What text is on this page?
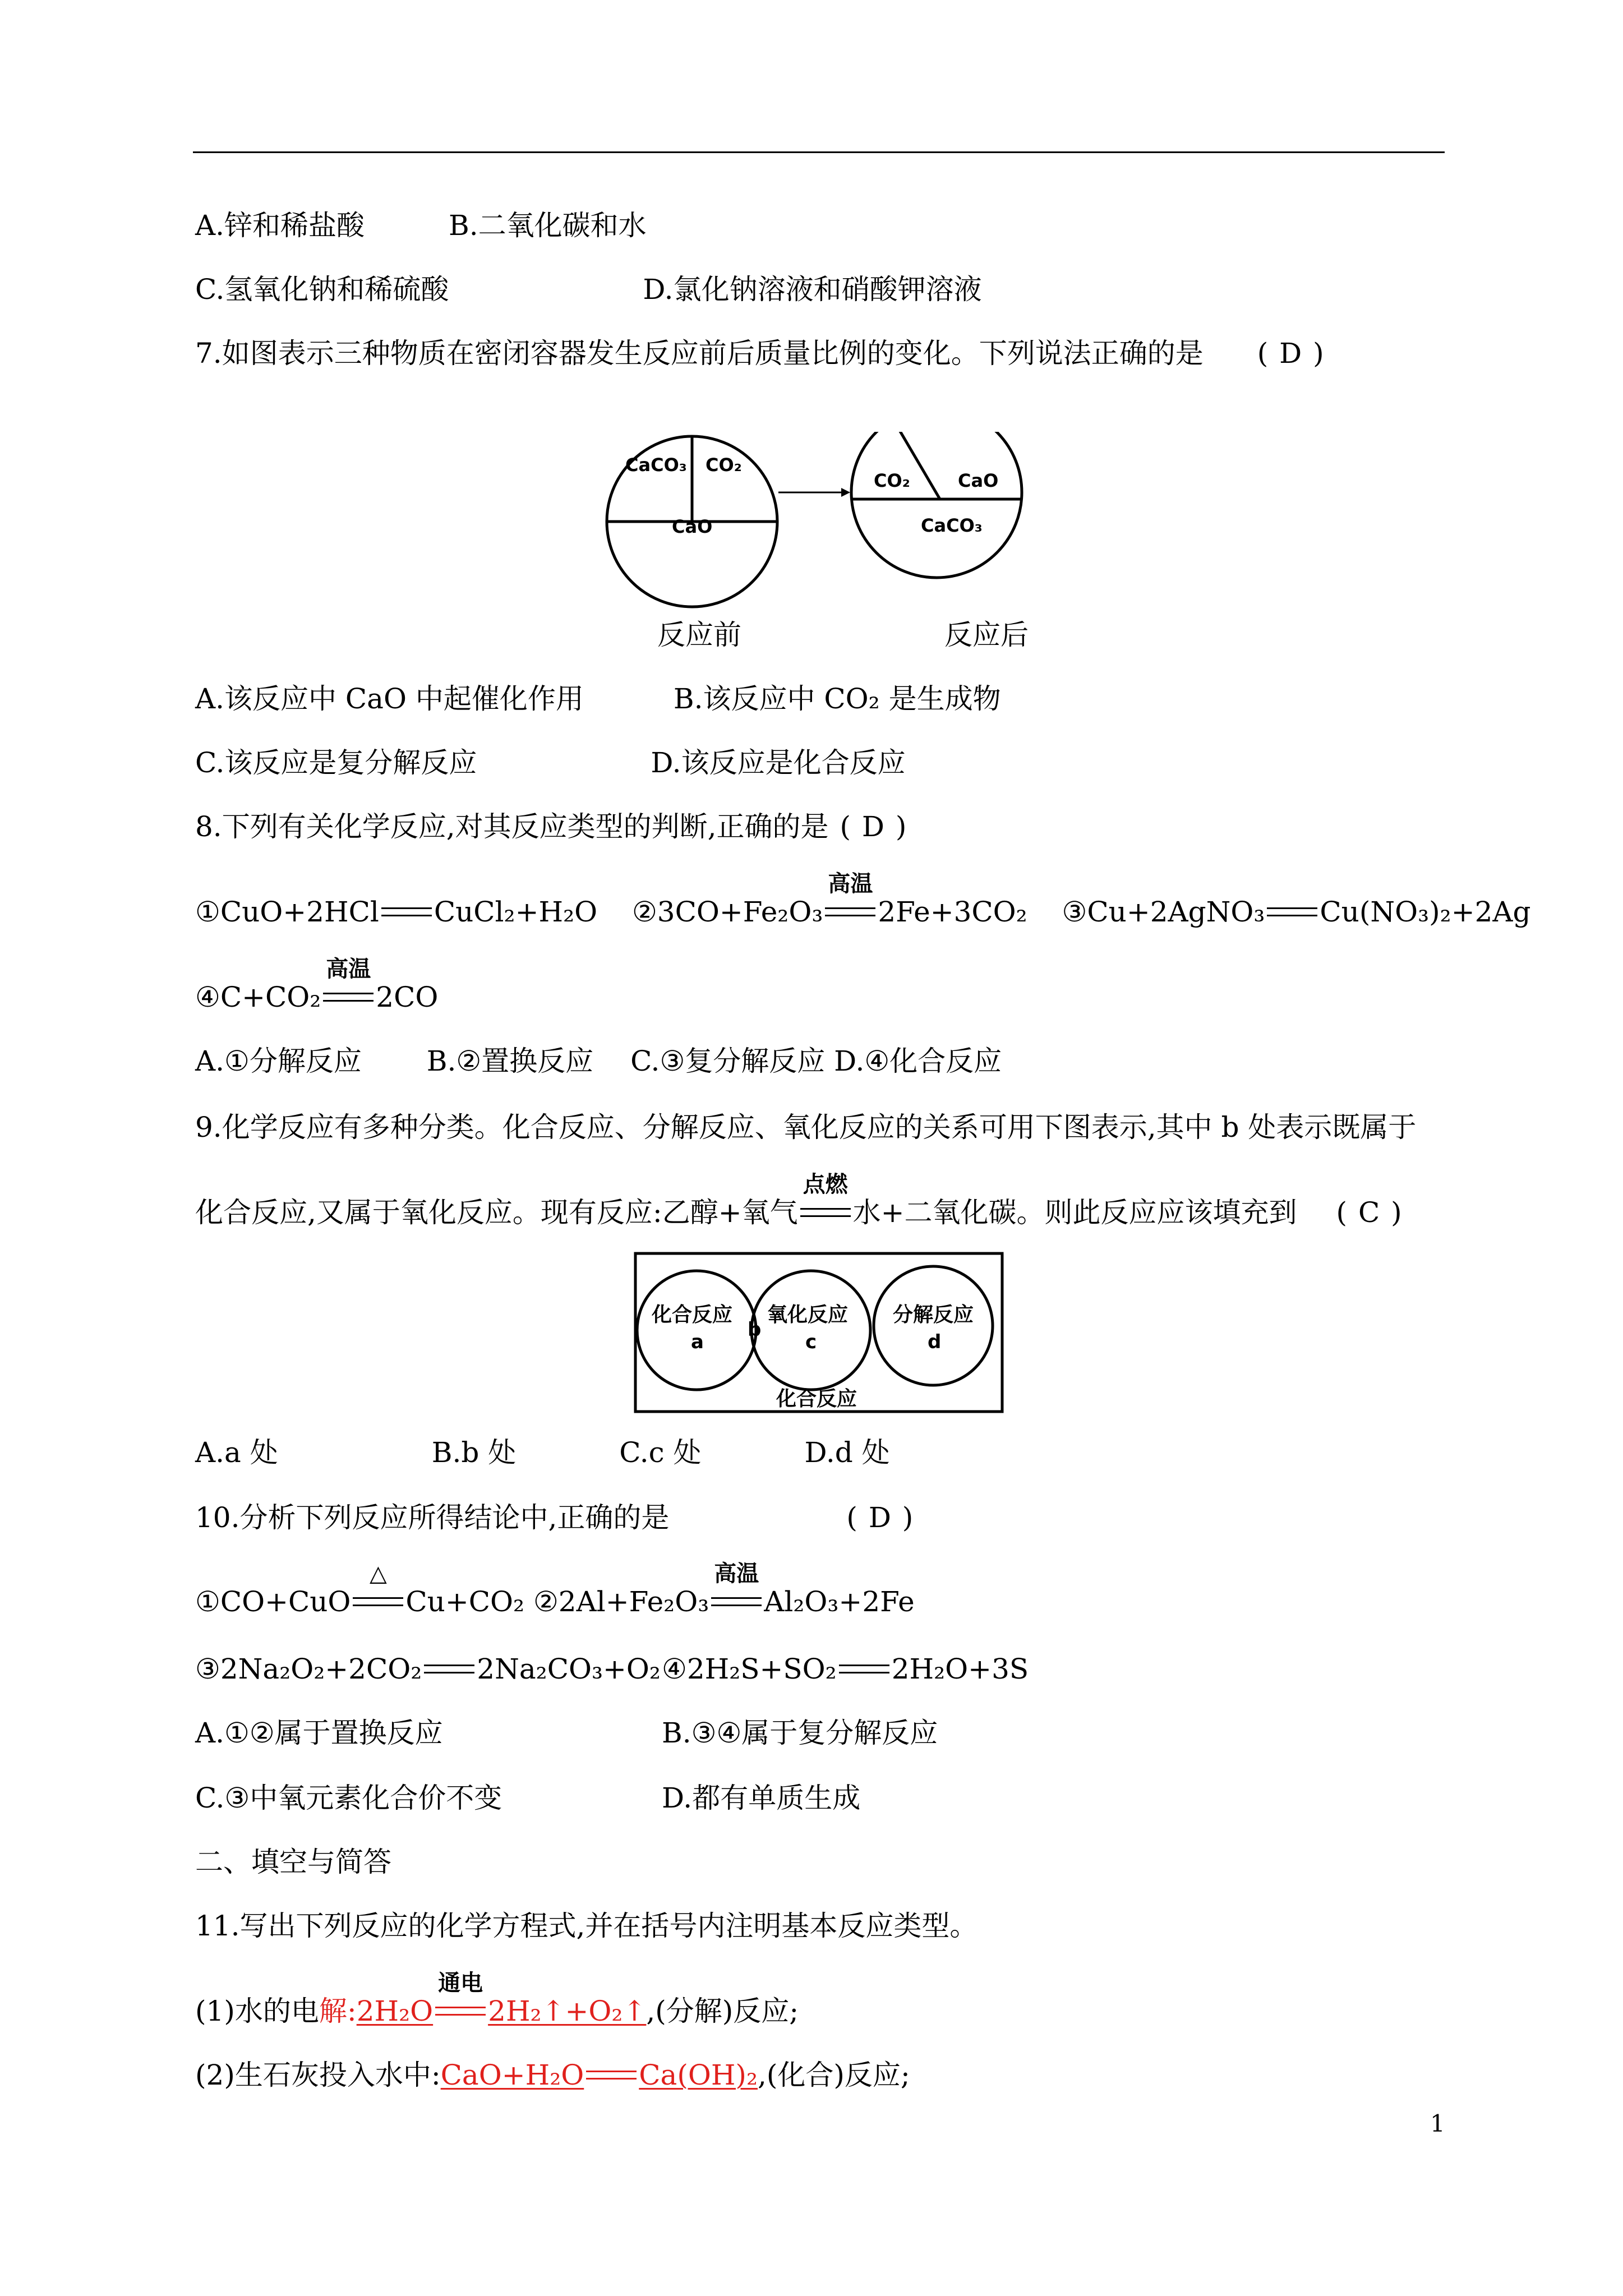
A.锌和稀盐酸	B.二氧化碳和水
C.氢氧化钠和稀硫酸	D.氯化钠溶液和硝酸钾溶液
7.如图表示三种物质在密闭容器发生反应前后质量比例的变化。下列说法正确的是 ( D )
CaCO₃ CO₂
CaO
CO₂	CaO
CaCO₃
反应前	反应后
A.该反应中 CaO 中起催化作用	B.该反应中 CO₂ 是生成物
C.该反应是复分解反应	D.该反应是化合反应
8.下列有关化学反应,对其反应类型的判断,正确的是 ( D )
①CuO+2HCl CuCl₂+H₂O ②3CO+Fe₂O₃
高温
2Fe+3CO₂ ③Cu+2AgNO₃ Cu(NO₃)₂+2Ag
④C+CO₂
高温
2CO
A.①分解反应　　 B.②置换反应　 C.③复分解反应 D.④化合反应
9.化学反应有多种分类。化合反应、分解反应、氧化反应的关系可用下图表示,其中 b 处表示既属于
化合反应,又属于氧化反应。现有反应:乙醇+氧气
点燃
水+二氧化碳。则此反应应该填充到 ( C )
化合反应
a
b
氧化反应
c
分解反应
d
化合反应
A.a 处	B.b 处	C.c 处	D.d 处
10.分析下列反应所得结论中,正确的是	( D )
①CO+CuO
△
Cu+CO₂ ②2Al+Fe₂O₃
高温
Al₂O₃+2Fe
③2Na₂O₂+2CO₂ 2Na₂CO₃+O₂ ④2H₂S+SO₂ 2H₂O+3S
A.①②属于置换反应	B.③④属于复分解反应
C.③中氧元素化合价不变	D.都有单质生成
二、填空与简答
11.写出下列反应的化学方程式,并在括号内注明基本反应类型。
(1)水的电解:2H₂O
通电
2H₂↑+O₂↑,(分解)反应;
(2)生石灰投入水中:CaO+H₂O Ca(OH)₂,(化合)反应;
1
